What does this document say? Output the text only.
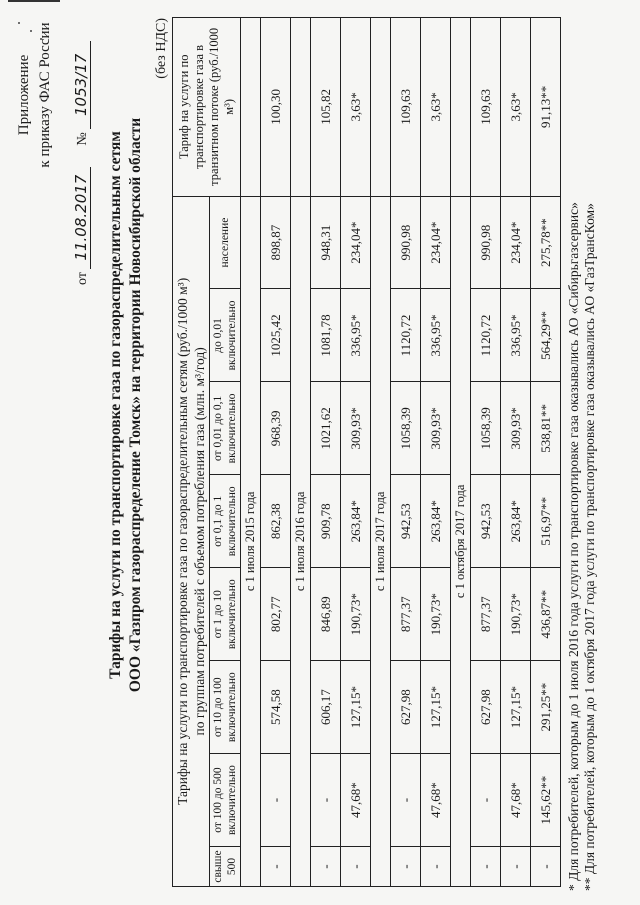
Приложение к приказу ФАС России
от 11.08.2017      № 1053/17
Тарифы на услуги по транспортировке газа по газораспределительным сетям ООО «Газпром газораспределение Томск» на территории Новосибирской области
(без НДС)
Тарифы на услуги по транспортировке газа по газораспределительным сетям (руб./1000 м³) по группам потребителей с объемом потребления газа (млн. м³/год)								Тариф на услуги по транспортировке газа в транзитном потоке (руб./1000 м³)
свыше 500	от 100 до 500 включительно	от 10 до 100 включительно	от 1 до 10 включительно	от 0,1 до 1 включительно	от 0,01 до 0,1 включительно	до 0,01 включительно	население	
с 1 июля 2015 года								
-	-	574,58	802,77	862,38	968,39	1025,42	898,87	100,30
с 1 июля 2016 года								
-	-	606,17	846,89	909,78	1021,62	1081,78	948,31	105,82
-	47,68*	127,15*	190,73*	263,84*	309,93*	336,95*	234,04*	3,63*
с 1 июля 2017 года								
-	-	627,98	877,37	942,53	1058,39	1120,72	990,98	109,63
-	47,68*	127,15*	190,73*	263,84*	309,93*	336,95*	234,04*	3,63*
с 1 октября 2017 года								
-	-	627,98	877,37	942,53	1058,39	1120,72	990,98	109,63
-	47,68*	127,15*	190,73*	263,84*	309,93*	336,95*	234,04*	3,63*
-	145,62**	291,25**	436,87**	516,97**	538,81**	564,29**	275,78**	91,13**
* Для потребителей, которым до 1 июля 2016 года услуги по транспортировке газа оказывались АО «Сибирьгазсервис» ** Для потребителей, которым до 1 октября 2017 года услуги по транспортировке газа оказывались АО «ГазТрансКом»
